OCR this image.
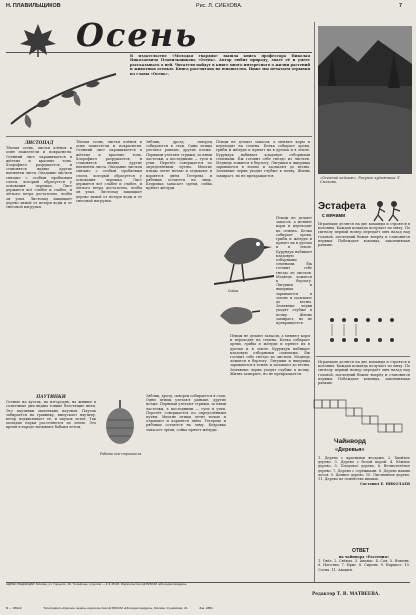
Н. ПЛАВИЛЬЩИКОВ	Рис. Л. СИЕХОВА.	7
Осень
В издательстве «Молодая гвардия» вышла книга профессора Николая Николаевича Плавильщикова «Осень». Автор любит природу, знает её и умеет рассказывать о ней. Читатели найдут в книге много интересного о жизни растений и животных осенью. Книга рассчитана на юношество. Ниже мы печатаем отрывки из главы «Осень».
ЛИСТОПАД
Тёплая осень, листья клёнов и осин пожелтели и покраснели. Осенний лист окрашивается в жёлтые и красные тона. Хлорофилл разрушается, и становятся видны другие пигменты листа. Опадание листьев связано с особым пробковым слоем, который образуется у основания черешка. Лист держится всё слабее и слабее, и лёгкого ветра достаточно, чтобы он упал. Листопад защищает дерево зимой от потери воды и от снеговой нагрузки.
Тёплая осень, листья клёнов и осин пожелтели и покраснели. Осенний лист окрашивается в жёлтые и красные тона. Хлорофилл разрушается, и становятся видны другие пигменты листа. Опадание листьев связано с особым пробковым слоем, который образуется у основания черешка. Лист держится всё слабее и слабее, и лёгкого ветра достаточно, чтобы он упал. Листопад защищает дерево зимой от потери воды и от снеговой нагрузки.
Зяблик, дрозд, скворец собираются в стаи. Одни птицы улетают раньше, другие позже. Первыми улетают стрижи, за ними ласточки, а последними — гуси и утки. Перелёт совершается по определённым путям. Многие птицы летят ночью и отдыхают и кормятся днём. Тетерева и рябчики остаются на зиму. Кедровка запасает орехи, сойка прячет жёлуди.
Птицы не делают запасов, а меняют корм и переходят на семена. Белка собирает орехи, грибы и жёлуди и прячет их в дуплах и в земле. Бурундук набивает кладовую отборными семенами. Ёж готовит себе гнездо из листьев. Медведь ложится в берлогу. Лягушки и ящерицы зарываются в землю и засыпают до весны. Земляные черви уходят глубже в почву. Жизнь замирает, но не прекращается.
Сойка.
Птицы не делают запасов, а меняют корм и переходят на семена. Белка собирает орехи, грибы и жёлуди и прячет их в дуплах и в земле. Бурундук набивает кладовую отборными семенами. Ёж готовит себе гнездо из листьев. Медведь ложится в берлогу. Лягушки и ящерицы зарываются в землю и засыпают до весны. Земляные черви уходят глубже в почву. Жизнь замирает, но не прекращается.
Зяблик, дрозд, скворец собираются в стаи. Одни птицы улетают раньше, другие позже. Первыми улетают стрижи, за ними ласточки, а последними — гуси и утки. Перелёт совершается по определённым путям. Многие птицы летят ночью и отдыхают и кормятся днём. Тетерева и рябчики остаются на зиму. Кедровка запасает орехи, сойка прячет жёлуди.
Птицы не делают запасов, а меняют корм и переходят на семена. Белка собирает орехи, грибы и жёлуди и прячет их в дуплах и в земле. Бурундук набивает кладовую отборными семенами. Ёж готовит себе гнездо из листьев. Медведь ложится в берлогу. Лягушки и ящерицы зарываются в землю и засыпают до весны. Земляные черви уходят глубже в почву. Жизнь замирает, но не прекращается.
ПАУТИНКИ
Осенью на кустах, на изгородях, на жнивье в солнечные дни видны тонкие блестящие нити. Это паутинки маленьких паучков. Паучок забирается на травинку, выпускает паутину, ветер подхватывает её, и паучок летит. Так молодые пауки расселяются по земле. Это время в народе называют бабьим летом.
Работа осы-строителя.
«Осенний пейзаж». Рисунок художника Л. Смехова.
Эстафета
с мячами
Играющие делятся на две команды и строятся в колонны. Каждая команда получает по мячу. По сигналу первый номер передаёт мяч назад над головой, последний бежит вперёд и становится первым. Побеждает команда, закончившая раньше.
Играющие делятся на две команды и строятся в колонны. Каждая команда получает по мячу. По сигналу первый номер передаёт мяч назад над головой, последний бежит вперёд и становится первым. Побеждает команда, закончившая раньше.
Чайнворд
«Деревья»
1. Дерево с красными ягодами. 2. Хвойное дерево. 3. Дерево с белой корой. 4. Южное дерево. 5. Плодовое дерево. 6. Вечнозелёное дерево. 7. Дерево с серёжками. 8. Дерево наших лесов. 9. Ценное дерево. 10. Лиственное дерево. 11. Дерево из семейства ивовых.
Составил Е. НИКОЛАЕВ
ОТВЕТ
на чайнворд «Растения»
1. Овёс. 2. Свёкла. 3. Ананас. 4. Соя. 5. Ячмень. 6. Ноготки. 7. Ирис. 8. Сирень. 9. Нарцисс. 10. Сосна. 11. Акация.
АДРЕС РЕДАКЦИИ: Москва, ул. Горького, 16. Телефоны: отделов — К 4-15-00. Издательство ЦК ВЛКСМ «Молодая гвардия».
Редактор Т. В. МАТВЕЕВА.
Б — 06912.	Типография «Красное знамя» издательства ЦК ВЛКСМ «Молодая гвардия», Москва, Сущёвская, 21.	Зак. 2881.
